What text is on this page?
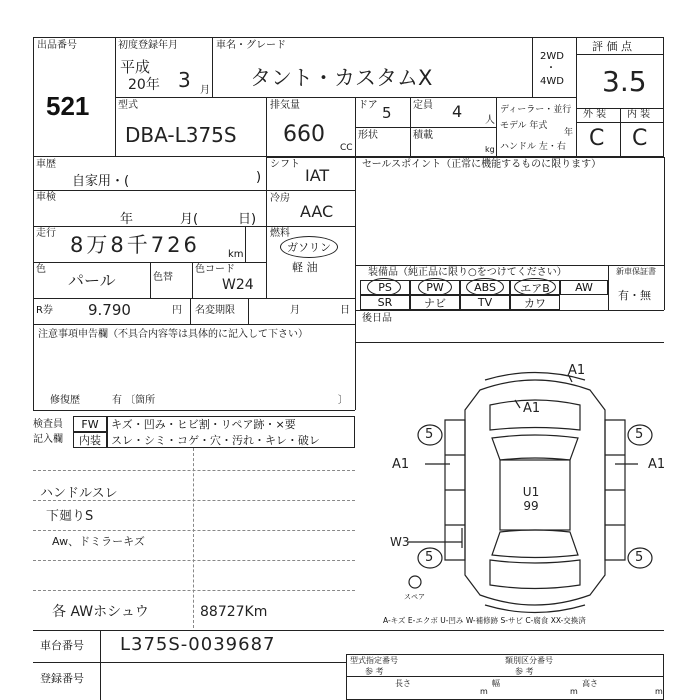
出品番号
521
初度登録年月
平成
20年 3 月
車名・グレード
タント・カスタムX
2WD
・
4WD
評 価 点
3.5
型式
DBA-L375S
排気量
660
CC
ドア 5 定員 4 人
形状	積載
kg
ディーラー・並行
モデル 年式
年
ハンドル 左・右
外 装 内 装
C C
車歴
自家用・(	)
シフト
IAT
車検
年	月(	日)
冷房
AAC
走行 8万8千726	km
燃料
ガソリン
軽 油
色
パール	色替
色コード
W24
R券 9.790	円 名変期限	月	日
注意事項申告欄（不具合内容等は具体的に記入して下さい）
修復歴	有 〔箇所	〕
セールスポイント（正常に機能するものに限ります）
装備品（純正品に限り○をつけてください）	新車保証書
PS	PW	ABS エアB AW
SR	ナビ	TV	カワ
有・無
後日品
検査員
記入欄
FW
内装
キズ・凹み・ヒビ割・リペア跡・×要
スレ・シミ・コゲ・穴・汚れ・キレ・破レ
ハンドルスレ
下廻りS
Aw、ドミラーキズ
各 AWホシュウ	88727Km
A1
A1
A1	A1
5	5
5	5
U1 99
W3
スペア
A-キズ E-エクボ U-凹み W-補修跡 S-サビ C-腐食 XX-交換済
車台番号 L375S-0039687
登録番号
型式指定番号
参 考
類別区分番号
参 考
長さ	幅	高さ
m	m	m
